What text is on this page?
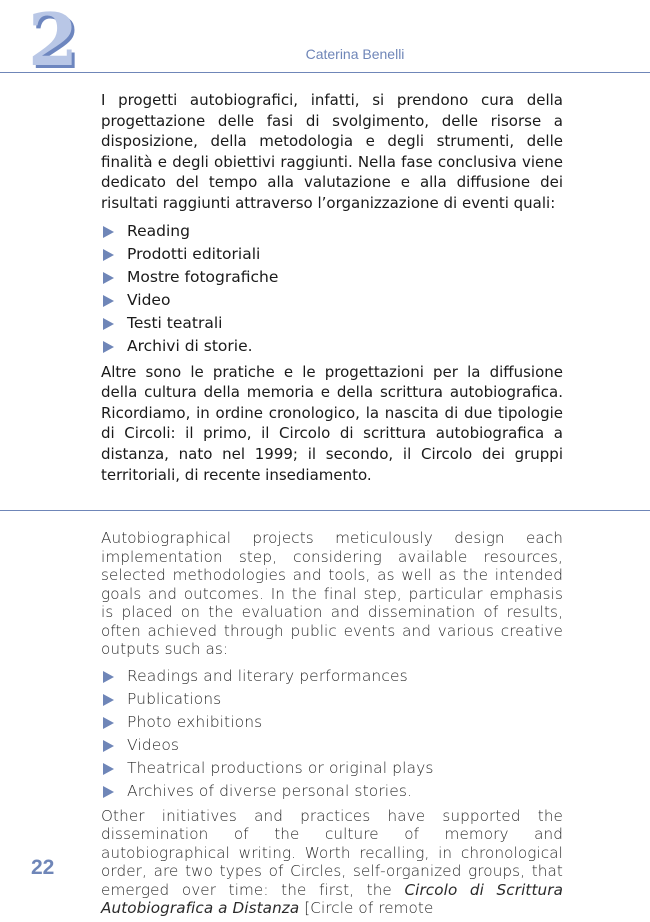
2	Caterina Benelli

I progetti autobiografici, infatti, si prendono cura della progettazione delle fasi di svolgimento, delle risorse a disposizione, della metodologia e degli strumenti, delle finalità e degli obiettivi raggiunti. Nella fase conclusiva viene dedicato del tempo alla valutazione e alla diffusione dei risultati raggiunti attraverso l’organizzazione di eventi quali:

Reading
Prodotti editoriali
Mostre fotografiche
Video
Testi teatrali
Archivi di storie.

Altre sono le pratiche e le progettazioni per la diffusione della cultura della memoria e della scrittura autobiografica. Ricordiamo, in ordine cronologico, la nascita di due tipologie di Circoli: il primo, il Circolo di scrittura autobiografica a distanza, nato nel 1999; il secondo, il Circolo dei gruppi territoriali, di recente insediamento.

Autobiographical projects meticulously design each implementation step, considering available resources, selected methodologies and tools, as well as the intended goals and outcomes. In the final step, particular emphasis is placed on the evaluation and dissemination of results, often achieved through public events and various creative outputs such as:

Readings and literary performances
Publications
Photo exhibitions
Videos
Theatrical productions or original plays
Archives of diverse personal stories.

Other initiatives and practices have supported the dissemination of the culture of memory and autobiographical writing. Worth recalling, in chronological order, are two types of Circles, self-organized groups, that emerged over time: the first, the Circolo di Scrittura Autobiografica a Distanza [Circle of remote

22
